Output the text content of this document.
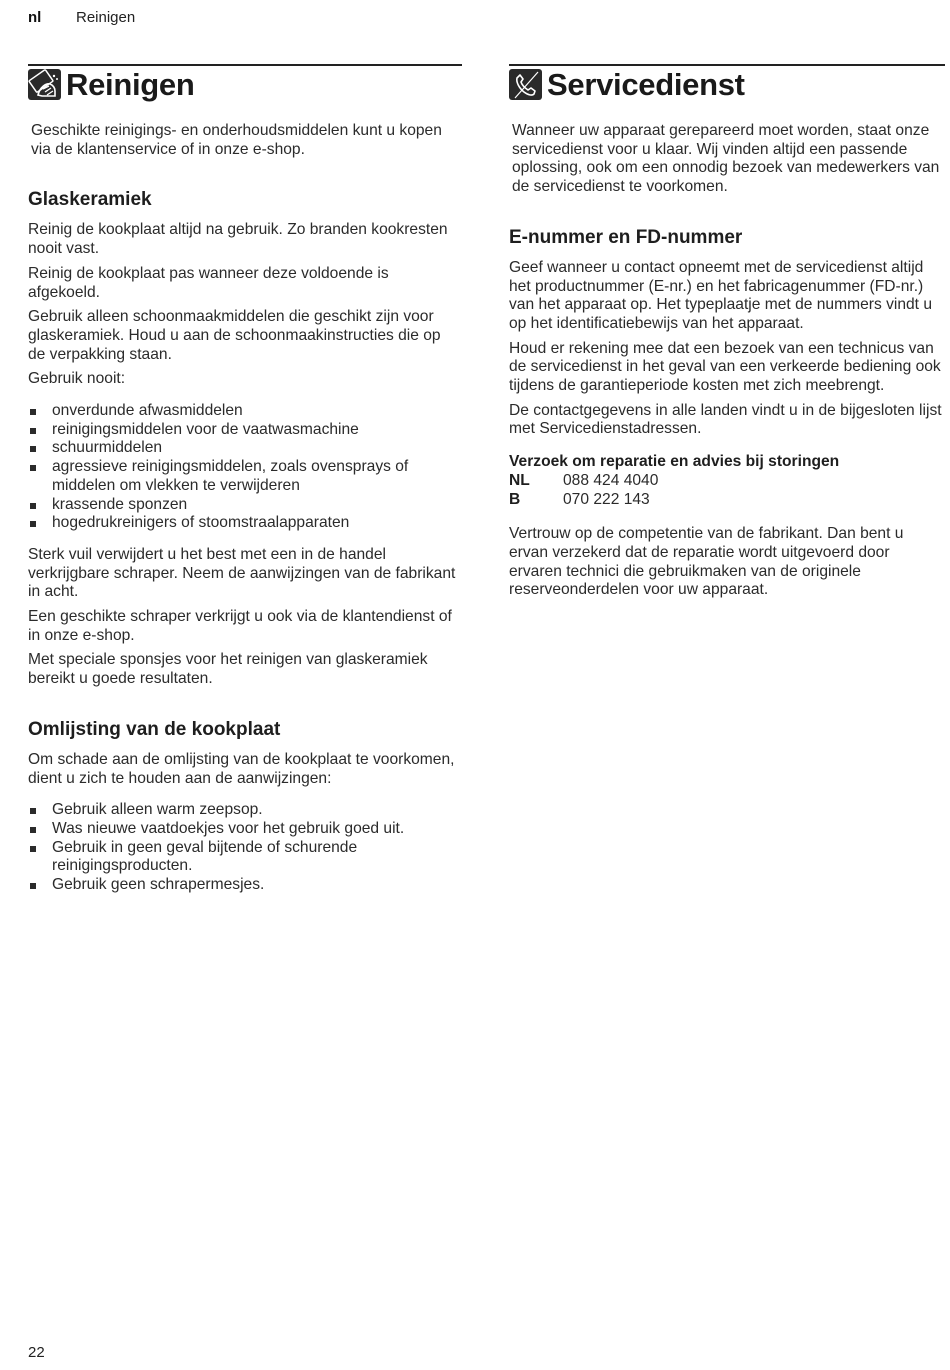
nl Reinigen
Reinigen

Geschikte reinigings- en onderhoudsmiddelen kunt u kopen via de klantenservice of in onze e-shop.

Glaskeramiek

Reinig de kookplaat altijd na gebruik. Zo branden kookresten nooit vast.

Reinig de kookplaat pas wanneer deze voldoende is afgekoeld.

Gebruik alleen schoonmaakmiddelen die geschikt zijn voor glaskeramiek. Houd u aan de schoonmaakinstructies die op de verpakking staan.

Gebruik nooit:

onverdunde afwasmiddelen
reinigingsmiddelen voor de vaatwasmachine
schuurmiddelen
agressieve reinigingsmiddelen, zoals ovensprays of middelen om vlekken te verwijderen
krassende sponzen
hogedrukreinigers of stoomstraalapparaten

Sterk vuil verwijdert u het best met een in de handel verkrijgbare schraper. Neem de aanwijzingen van de fabrikant in acht.

Een geschikte schraper verkrijgt u ook via de klantendienst of in onze e-shop.

Met speciale sponsjes voor het reinigen van glaskeramiek bereikt u goede resultaten.

Omlijsting van de kookplaat

Om schade aan de omlijsting van de kookplaat te voorkomen, dient u zich te houden aan de aanwijzingen:

Gebruik alleen warm zeepsop.
Was nieuwe vaatdoekjes voor het gebruik goed uit.
Gebruik in geen geval bijtende of schurende reinigingsproducten.
Gebruik geen schrapermesjes.
Servicedienst

Wanneer uw apparaat gerepareerd moet worden, staat onze servicedienst voor u klaar. Wij vinden altijd een passende oplossing, ook om een onnodig bezoek van medewerkers van de servicedienst te voorkomen.

E-nummer en FD-nummer

Geef wanneer u contact opneemt met de servicedienst altijd het productnummer (E-nr.) en het fabricagenummer (FD-nr.) van het apparaat op. Het typeplaatje met de nummers vindt u op het identificatiebewijs van het apparaat.

Houd er rekening mee dat een bezoek van een technicus van de servicedienst in het geval van een verkeerde bediening ook tijdens de garantieperiode kosten met zich meebrengt.

De contactgegevens in alle landen vindt u in de bijgesloten lijst met Servicedienstadressen.

Verzoek om reparatie en advies bij storingen
NL 088 424 4040
B	070 222 143

Vertrouw op de competentie van de fabrikant. Dan bent u ervan verzekerd dat de reparatie wordt uitgevoerd door ervaren technici die gebruikmaken van de originele reserveonderdelen voor uw apparaat.

22
